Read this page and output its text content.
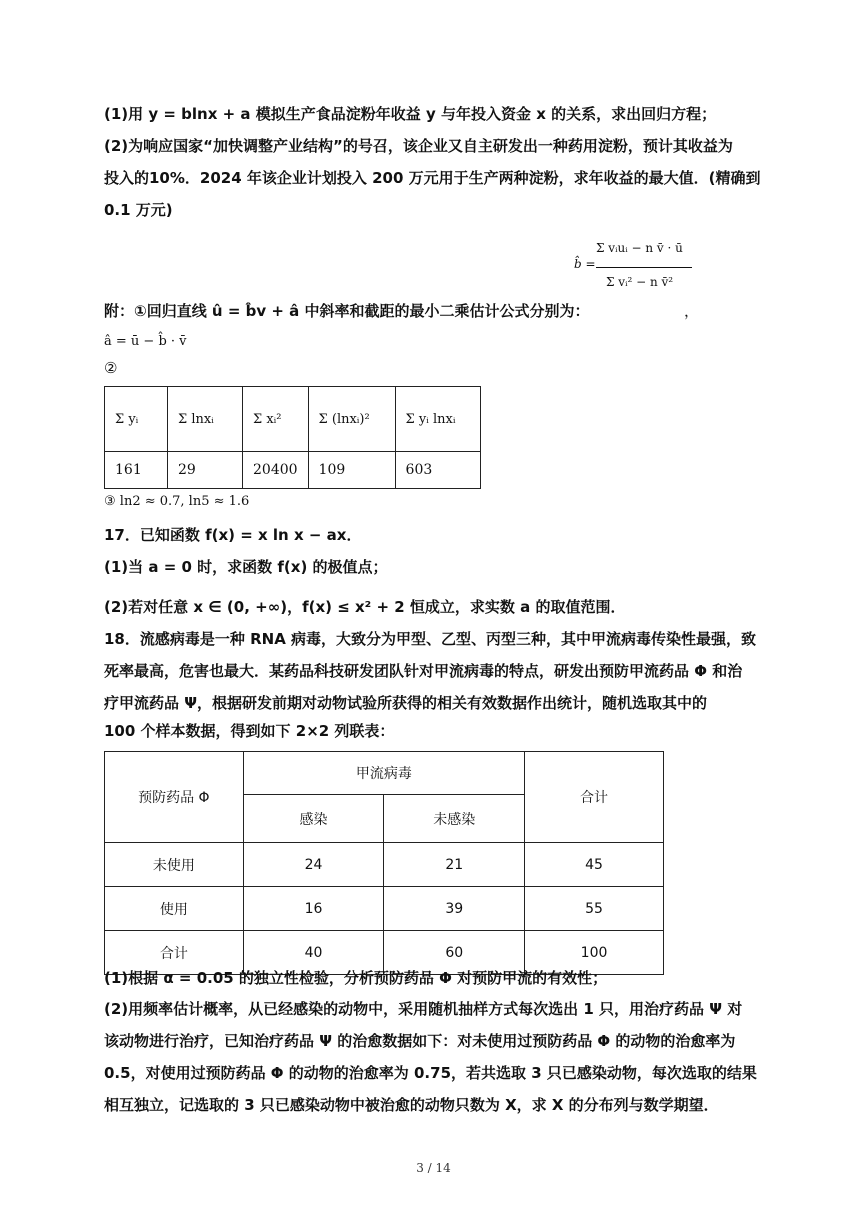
(1)用 y = blnx + a 模拟生产食品淀粉年收益 y 与年投入资金 x 的关系，求出回归方程；
(2)为响应国家“加快调整产业结构”的号召，该企业又自主研发出一种药用淀粉，预计其收益为
投入的10%．2024 年该企业计划投入 200 万元用于生产两种淀粉，求年收益的最大值．(精确到
0.1 万元)
b̂ =
Σ vᵢuᵢ − n v̄ · ū
Σ vᵢ² − n v̄²
附：①回归直线 û = b̂v + â 中斜率和截距的最小二乘估计公式分别为：	，
â = ū − b̂ · v̄
②
Σ yᵢ	Σ lnxᵢ	Σ xᵢ²	Σ (lnxᵢ)²	Σ yᵢ lnxᵢ
161	29	20400	109	603
③ ln2 ≈ 0.7, ln5 ≈ 1.6
17．已知函数 f(x) = x ln x − ax．
(1)当 a = 0 时，求函数 f(x) 的极值点；
(2)若对任意 x ∈ (0, +∞)，f(x) ≤ x² + 2 恒成立，求实数 a 的取值范围．
18．流感病毒是一种 RNA 病毒，大致分为甲型、乙型、丙型三种，其中甲流病毒传染性最强，致
死率最高，危害也最大．某药品科技研发团队针对甲流病毒的特点，研发出预防甲流药品 Φ 和治
疗甲流药品 Ψ，根据研发前期对动物试验所获得的相关有效数据作出统计，随机选取其中的
100 个样本数据，得到如下 2×2 列联表：
预防药品 Φ	甲流病毒		合计
	感染	未感染	
未使用	24	21	45
使用	16	39	55
合计	40	60	100
(1)根据 α = 0.05 的独立性检验，分析预防药品 Φ 对预防甲流的有效性；
(2)用频率估计概率，从已经感染的动物中，采用随机抽样方式每次选出 1 只，用治疗药品 Ψ 对
该动物进行治疗，已知治疗药品 Ψ 的治愈数据如下：对未使用过预防药品 Φ 的动物的治愈率为
0.5，对使用过预防药品 Φ 的动物的治愈率为 0.75，若共选取 3 只已感染动物，每次选取的结果
相互独立，记选取的 3 只已感染动物中被治愈的动物只数为 X，求 X 的分布列与数学期望．
3 / 14
